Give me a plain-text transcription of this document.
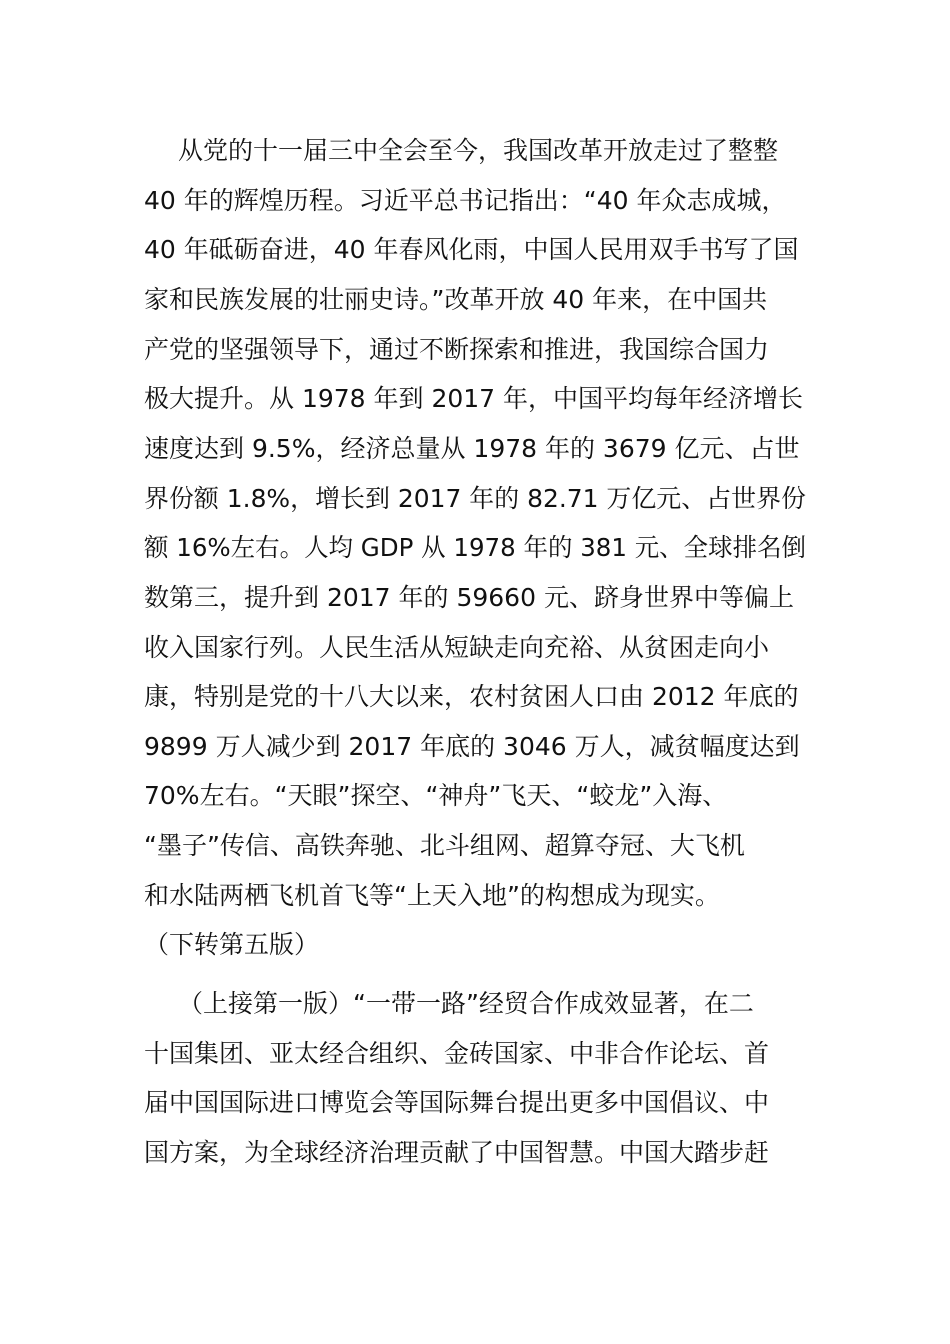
从党的十一届三中全会至今，我国改革开放走过了整整
40 年的辉煌历程。习近平总书记指出：“40 年众志成城，
40 年砥砺奋进，40 年春风化雨，中国人民用双手书写了国
家和民族发展的壮丽史诗。”改革开放 40 年来，在中国共
产党的坚强领导下，通过不断探索和推进，我国综合国力
极大提升。从 1978 年到 2017 年，中国平均每年经济增长
速度达到 9.5%，经济总量从 1978 年的 3679 亿元、占世
界份额 1.8%，增长到 2017 年的 82.71 万亿元、占世界份
额 16%左右。人均 GDP 从 1978 年的 381 元、全球排名倒
数第三，提升到 2017 年的 59660 元、跻身世界中等偏上
收入国家行列。人民生活从短缺走向充裕、从贫困走向小
康，特别是党的十八大以来，农村贫困人口由 2012 年底的
9899 万人减少到 2017 年底的 3046 万人，减贫幅度达到
70%左右。“天眼”探空、“神舟”飞天、“蛟龙”入海、
“墨子”传信、高铁奔驰、北斗组网、超算夺冠、大飞机
和水陆两栖飞机首飞等“上天入地”的构想成为现实。
（下转第五版）
（上接第一版）“一带一路”经贸合作成效显著，在二
十国集团、亚太经合组织、金砖国家、中非合作论坛、首
届中国国际进口博览会等国际舞台提出更多中国倡议、中
国方案，为全球经济治理贡献了中国智慧。中国大踏步赶
